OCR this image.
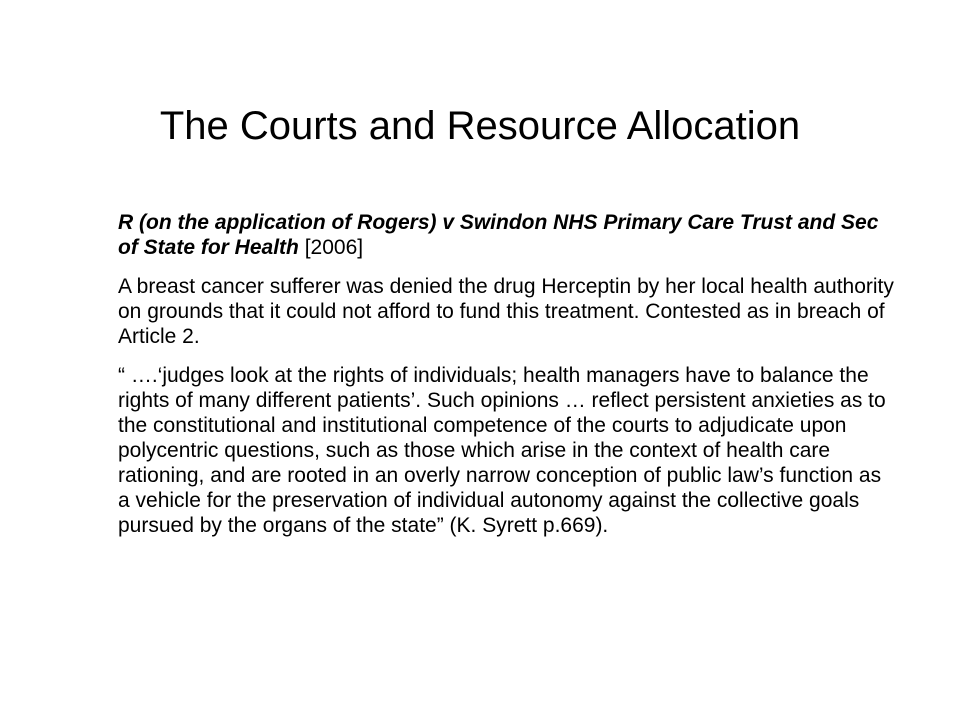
The Courts and Resource Allocation

R (on the application of Rogers) v Swindon NHS Primary Care Trust and Sec of State for Health [2006]

A breast cancer sufferer was denied the drug Herceptin by her local health authority on grounds that it could not afford to fund this treatment. Contested as in breach of Article 2.

“ ….‘judges look at the rights of individuals; health managers have to balance the rights of many different patients’. Such opinions … reflect persistent anxieties as to the constitutional and institutional competence of the courts to adjudicate upon polycentric questions, such as those which arise in the context of health care rationing, and are rooted in an overly narrow conception of public law’s function as a vehicle for the preservation of individual autonomy against the collective goals pursued by the organs of the state” (K. Syrett p.669).
